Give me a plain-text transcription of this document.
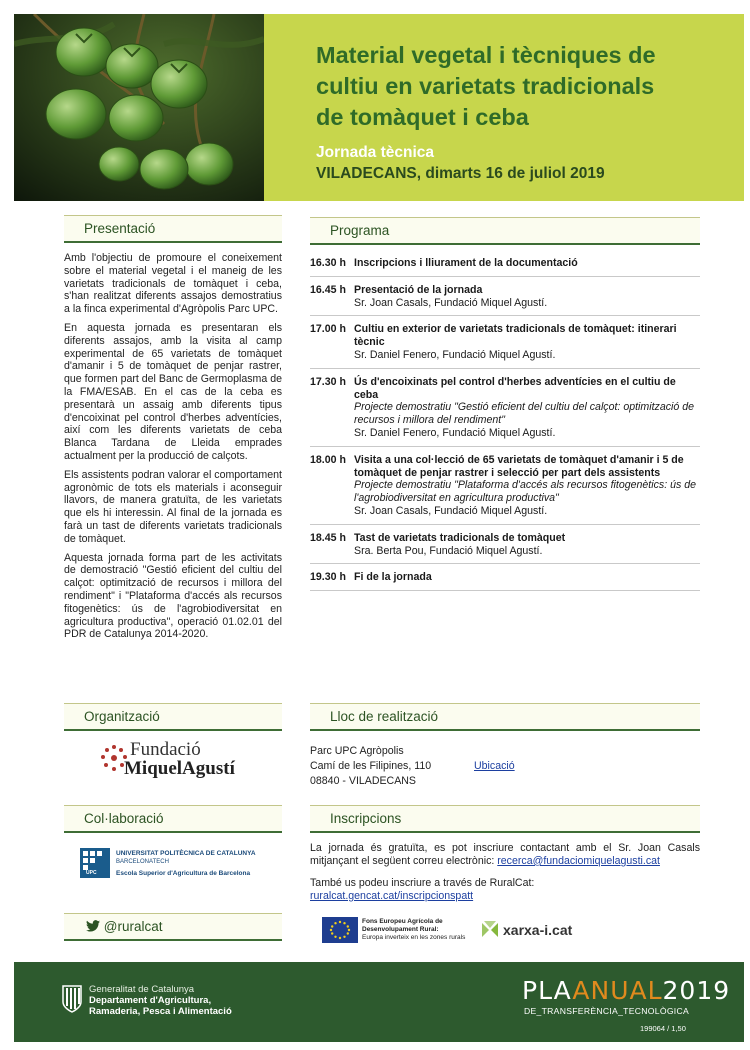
Material vegetal i tècniques de
cultiu en varietats tradicionals
de tomàquet i ceba
Jornada tècnica
VILADECANS, dimarts 16 de juliol 2019
Presentació

Amb l'objectiu de promoure el coneixement sobre el material vegetal i el maneig de les varietats tradicionals de tomàquet i ceba, s'han realitzat diferents assajos demostratius a la finca experimental d'Agròpolis Parc UPC.

En aquesta jornada es presentaran els diferents assajos, amb la visita al camp experimental de 65 varietats de tomàquet d'amanir i 5 de tomàquet de penjar rastrer, que formen part del Banc de Germoplasma de la FMA/ESAB. En el cas de la ceba es presentarà un assaig amb diferents tipus d'encoixinat pel control d'herbes adventícies, així com les diferents varietats de ceba Blanca Tardana de Lleida emprades actualment per la producció de calçots.

Els assistents podran valorar el comportament agronòmic de tots els materials i aconseguir llavors, de manera gratuïta, de les varietats que els hi interessin. Al final de la jornada es farà un tast de diferents varietats tradicionals de tomàquet.

Aquesta jornada forma part de les activitats de demostració "Gestió eficient del cultiu del calçot: optimització de recursos i millora del rendiment" i "Plataforma d'accés als recursos fitogenètics: ús de l'agrobiodiversitat en agricultura productiva", operació 01.02.01 del PDR de Catalunya 2014-2020.

Programa
16.30 h Inscripcions i lliurament de la documentació
16.45 h Presentació de la jornada
Sr. Joan Casals, Fundació Miquel Agustí.
17.00 h Cultiu en exterior de varietats tradicionals de tomàquet: itinerari tècnic
Sr. Daniel Fenero, Fundació Miquel Agustí.
17.30 h Ús d'encoixinats pel control d'herbes adventícies en el cultiu de ceba
Projecte demostratiu "Gestió eficient del cultiu del calçot: optimització de recursos i millora del rendiment"
Sr. Daniel Fenero, Fundació Miquel Agustí.
18.00 h Visita a una col·lecció de 65 varietats de tomàquet d'amanir i 5 de tomàquet de penjar rastrer i selecció per part dels assistents
Projecte demostratiu "Plataforma d'accés als recursos fitogenètics: ús de l'agrobiodiversitat en agricultura productiva"
Sr. Joan Casals, Fundació Miquel Agustí.
18.45 h Tast de varietats tradicionals de tomàquet
Sra. Berta Pou, Fundació Miquel Agustí.
19.30 h Fi de la jornada
Organització
Fundació
MiquelAgustí
Lloc de realització
Parc UPC Agròpolis
Camí de les Filipines, 110	Ubicació
08840 - VILADECANS
Col·laboració
UPC
UNIVERSITAT POLITÈCNICA DE CATALUNYA
BARCELONATECH
Escola Superior d'Agricultura de Barcelona
Inscripcions
La jornada és gratuïta, es pot inscriure contactant amb el Sr. Joan Casals mitjançant el següent correu electrònic: recerca@fundaciomiquelagusti.cat
També us podeu inscriure a través de RuralCat:
ruralcat.gencat.cat/inscripcionspatt
@ruralcat	Fons Europeu Agrícola de
Desenvolupament Rural:
Europa inverteix en les zones rurals	xarxa-i.cat
Generalitat de Catalunya
Departament d'Agricultura,
Ramaderia, Pesca i Alimentació
PLAANUAL2019
DE_TRANSFERÈNCIA_TECNOLÒGICA
199064 / 1,50
